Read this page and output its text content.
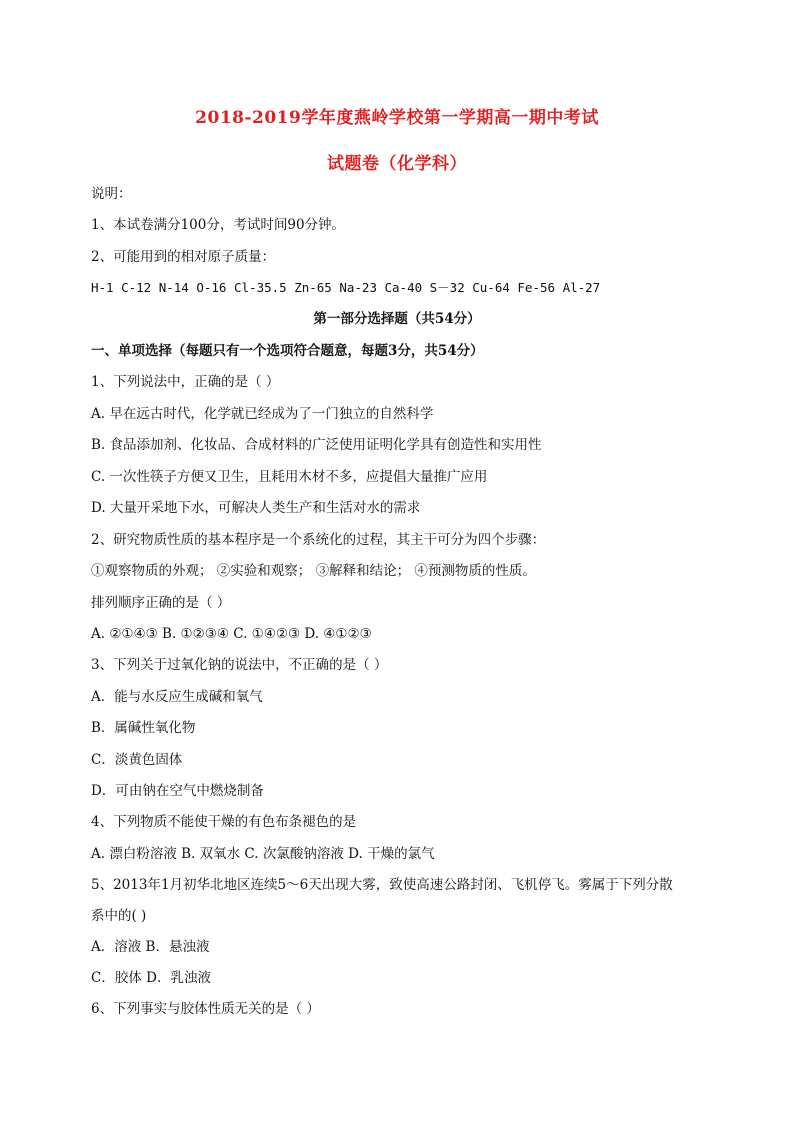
2018-2019学年度燕岭学校第一学期高一期中考试
试题卷（化学科）
说明：
1、本试卷满分100分，考试时间90分钟。
2、可能用到的相对原子质量：
H-1 C-12 N-14 O-16 Cl-35.5 Zn-65 Na-23 Ca-40 S－32 Cu-64 Fe-56 Al-27
第一部分选择题（共54分）
一、单项选择（每题只有一个选项符合题意，每题3分，共54分）
1、下列说法中，正确的是（ ）
A. 早在远古时代，化学就已经成为了一门独立的自然科学
B. 食品添加剂、化妆品、合成材料的广泛使用证明化学具有创造性和实用性
C. 一次性筷子方便又卫生，且耗用木材不多，应提倡大量推广应用
D. 大量开采地下水，可解决人类生产和生活对水的需求
2、研究物质性质的基本程序是一个系统化的过程，其主干可分为四个步骤：
①观察物质的外观； ②实验和观察； ③解释和结论； ④预测物质的性质。
排列顺序正确的是（ ）
A. ②①④③ B. ①②③④ C. ①④②③ D. ④①②③
3、下列关于过氧化钠的说法中，不正确的是（ ）
A．能与水反应生成碱和氧气
B．属碱性氧化物
C．淡黄色固体
D．可由钠在空气中燃烧制备
4、下列物质不能使干燥的有色布条褪色的是
A. 漂白粉溶液 B. 双氧水 C. 次氯酸钠溶液 D. 干燥的氯气
5、2013年1月初华北地区连续5～6天出现大雾，致使高速公路封闭、飞机停飞。雾属于下列分散
系中的( )
A．溶液 B．悬浊液
C．胶体 D．乳浊液
6、下列事实与胶体性质无关的是（ ）
